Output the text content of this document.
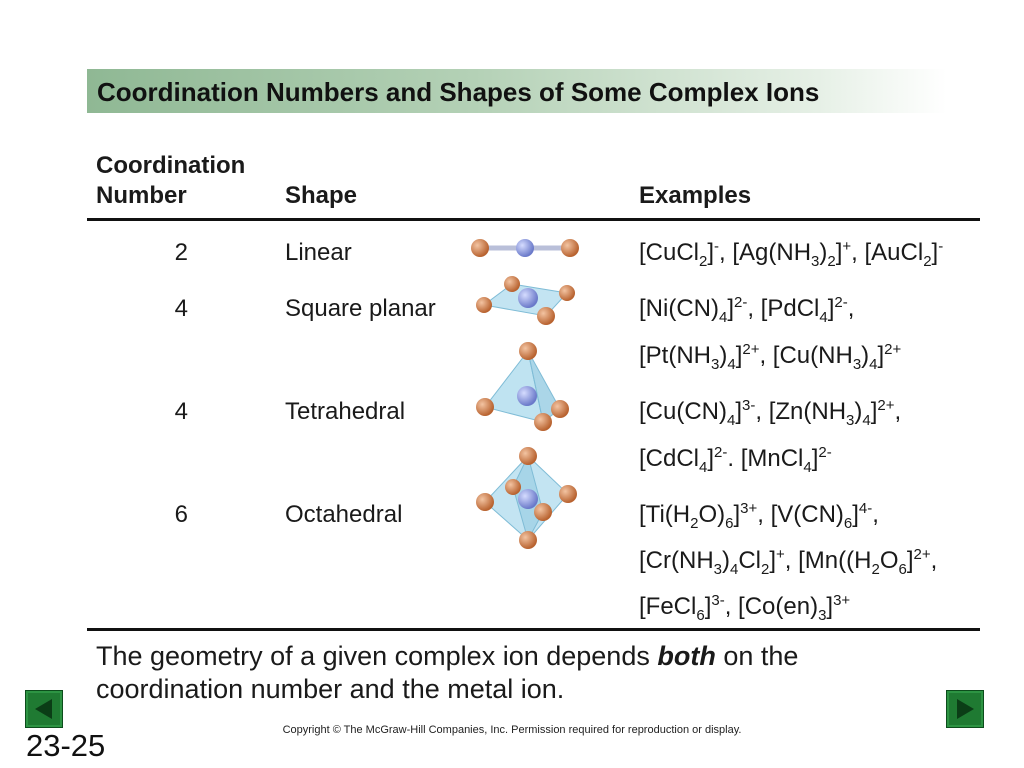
Coordination Numbers and Shapes of Some Complex Ions
Coordination
Number	Shape	Examples
2	Linear	[CuCl$_2$]-, $[Ag(NH_3)_2]^+$, [AuCl$_2$]-
4	Square planar	$[Ni(CN)_4]^{2-}$, [PdCl$_4$]$^{2-}$,
$[Pt(NH_3)_4]^{2+}$, $[Cu(NH_3)_4]^{2+}$
4	Tetrahedral	$[Cu(CN)_4]^{3-}$, $[Zn(NH_3)_4]^{2+}$,
[CdCl$_4$]$^{2-}$. [MnCl$_4$]$^{2-}$
6	Octahedral	$[Ti(H_2O)_6]^{3+}$, $[V(CN)_6]^{4-}$,
$[Cr(NH_3)_4Cl_2]^+$, [$Mn((H_2O_6]^{2+}$,
[FeCl$_6$]$^{3-}$, $[Co(en)_3]^{3+}$
The geometry of a given complex ion depends both on the coordination number and the metal ion.
Copyright © The McGraw-Hill Companies, Inc. Permission required for reproduction or display.
23-25
